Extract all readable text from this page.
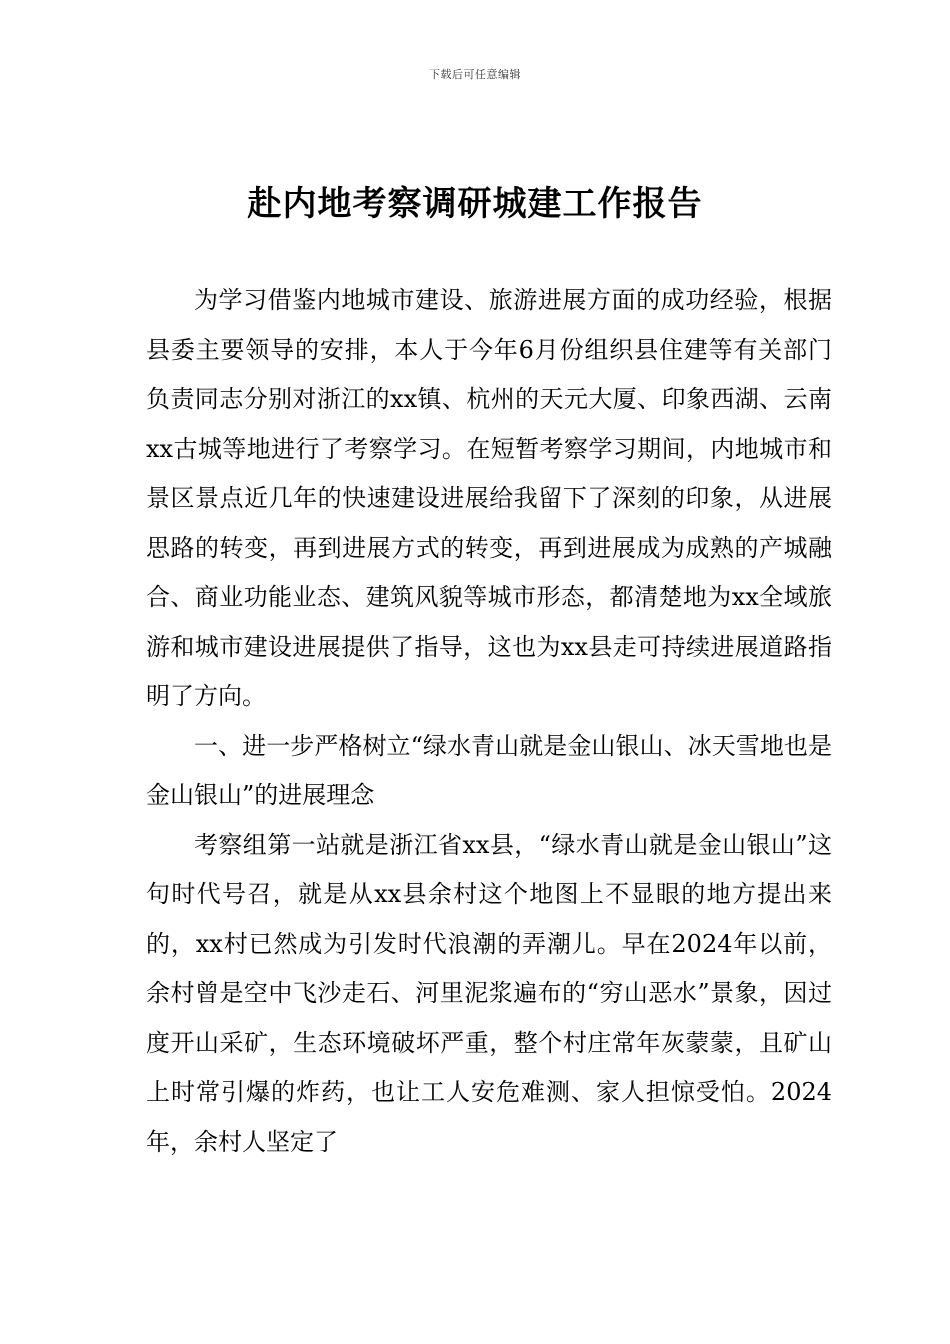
下载后可任意编辑
赴内地考察调研城建工作报告

为学习借鉴内地城市建设、旅游进展方面的成功经验，根据县委主要领导的安排，本人于今年6月份组织县住建等有关部门负责同志分别对浙江的xx镇、杭州的天元大厦、印象西湖、云南xx古城等地进行了考察学习。在短暂考察学习期间，内地城市和景区景点近几年的快速建设进展给我留下了深刻的印象，从进展思路的转变，再到进展方式的转变，再到进展成为成熟的产城融合、商业功能业态、建筑风貌等城市形态，都清楚地为xx全域旅游和城市建设进展提供了指导，这也为xx县走可持续进展道路指明了方向。

一、进一步严格树立“绿水青山就是金山银山、冰天雪地也是金山银山”的进展理念

考察组第一站就是浙江省xx县，“绿水青山就是金山银山”这句时代号召，就是从xx县余村这个地图上不显眼的地方提出来的，xx村已然成为引发时代浪潮的弄潮儿。早在2024年以前，余村曾是空中飞沙走石、河里泥浆遍布的“穷山恶水”景象，因过度开山采矿，生态环境破坏严重，整个村庄常年灰蒙蒙，且矿山上时常引爆的炸药，也让工人安危难测、家人担惊受怕。2024年，余村人坚定了
